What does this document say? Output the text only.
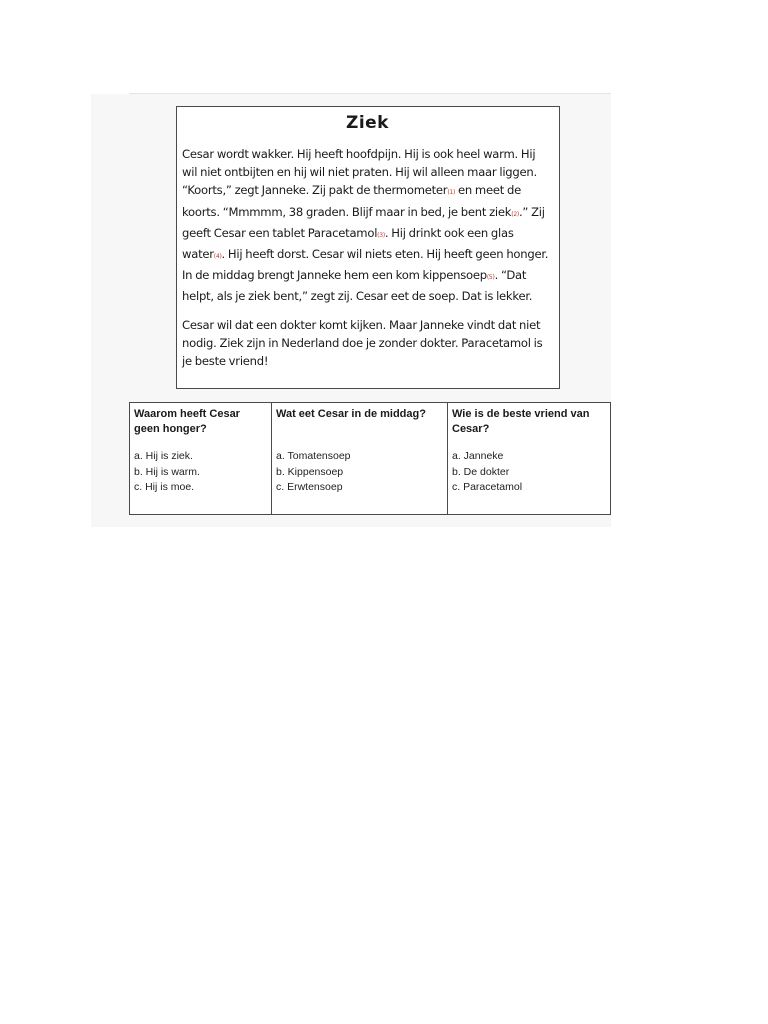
Ziek

Cesar wordt wakker. Hij heeft hoofdpijn. Hij is ook heel warm. Hij wil niet ontbijten en hij wil niet praten. Hij wil alleen maar liggen. “Koorts,” zegt Janneke. Zij pakt de thermometer(1) en meet de koorts. “Mmmmm, 38 graden. Blijf maar in bed, je bent ziek(2).” Zij geeft Cesar een tablet Paracetamol(3). Hij drinkt ook een glas water(4). Hij heeft dorst. Cesar wil niets eten. Hij heeft geen honger. In de middag brengt Janneke hem een kom kippensoep(5). “Dat helpt, als je ziek bent,” zegt zij. Cesar eet de soep. Dat is lekker.

Cesar wil dat een dokter komt kijken. Maar Janneke vindt dat niet nodig. Ziek zijn in Nederland doe je zonder dokter. Paracetamol is je beste vriend!

Waarom heeft Cesar geen honger?
a. Hij is ziek.
b. Hij is warm.
c. Hij is moe.
Wat eet Cesar in de middag?
a. Tomatensoep
b. Kippensoep
c. Erwtensoep
Wie is de beste vriend van Cesar?
a. Janneke
b. De dokter
c. Paracetamol
